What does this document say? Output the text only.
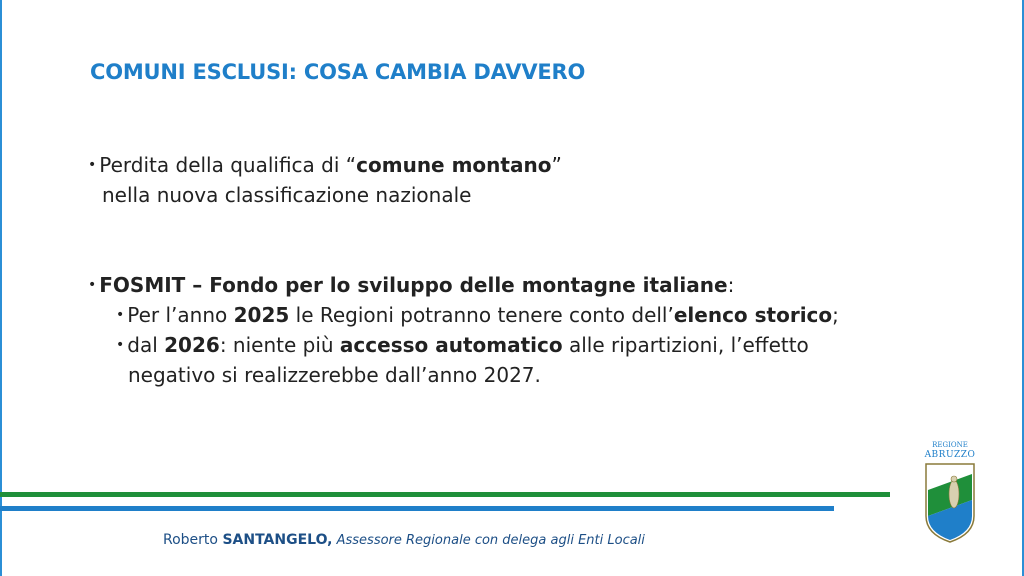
COMUNI ESCLUSI: COSA CAMBIA DAVVERO
• Perdita della qualifica di “comune montano”
nella nuova classificazione nazionale
• FOSMIT – Fondo per lo sviluppo delle montagne italiane:
• Per l’anno 2025 le Regioni potranno tenere conto dell’elenco storico;
• dal 2026: niente più accesso automatico alle ripartizioni, l’effetto
negativo si realizzerebbe dall’anno 2027.
Roberto SANTANGELO, Assessore Regionale con delega agli Enti Locali
REGIONE
ABRUZZO
